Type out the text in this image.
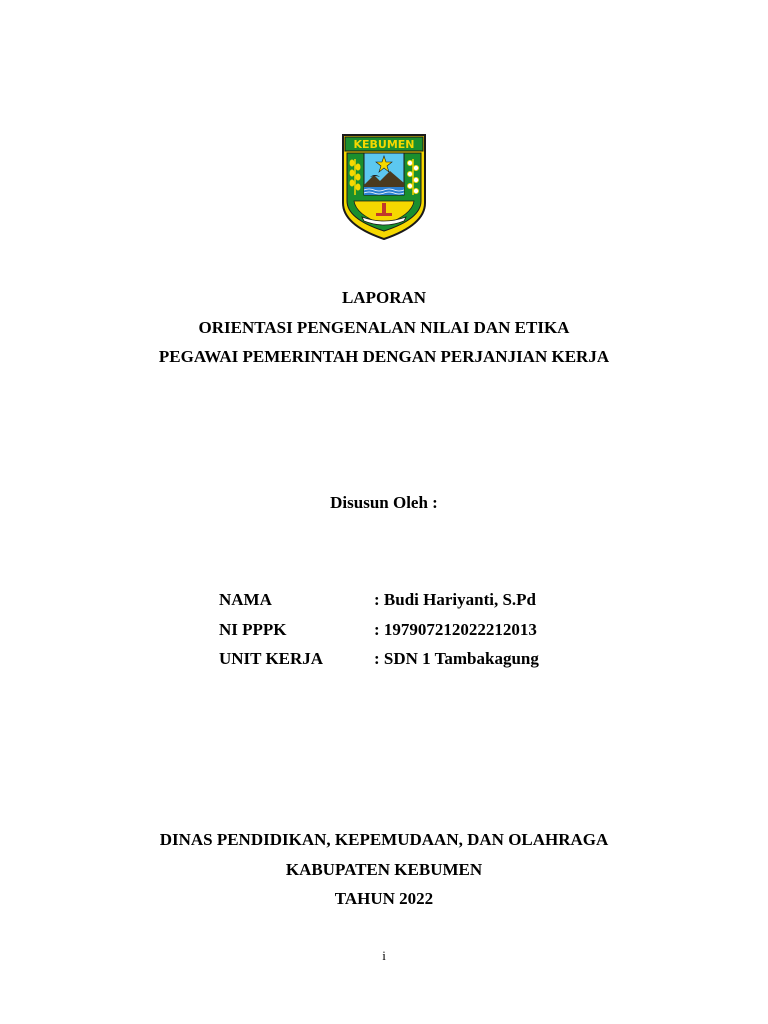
KEBUMEN
LAPORAN
ORIENTASI PENGENALAN NILAI DAN ETIKA
PEGAWAI PEMERINTAH DENGAN PERJANJIAN KERJA
Disusun Oleh :
NAMA	: Budi Hariyanti, S.Pd
NI PPPK	: 197907212022212013
UNIT KERJA	: SDN 1 Tambakagung
DINAS PENDIDIKAN, KEPEMUDAAN, DAN OLAHRAGA
KABUPATEN KEBUMEN
TAHUN 2022
i
